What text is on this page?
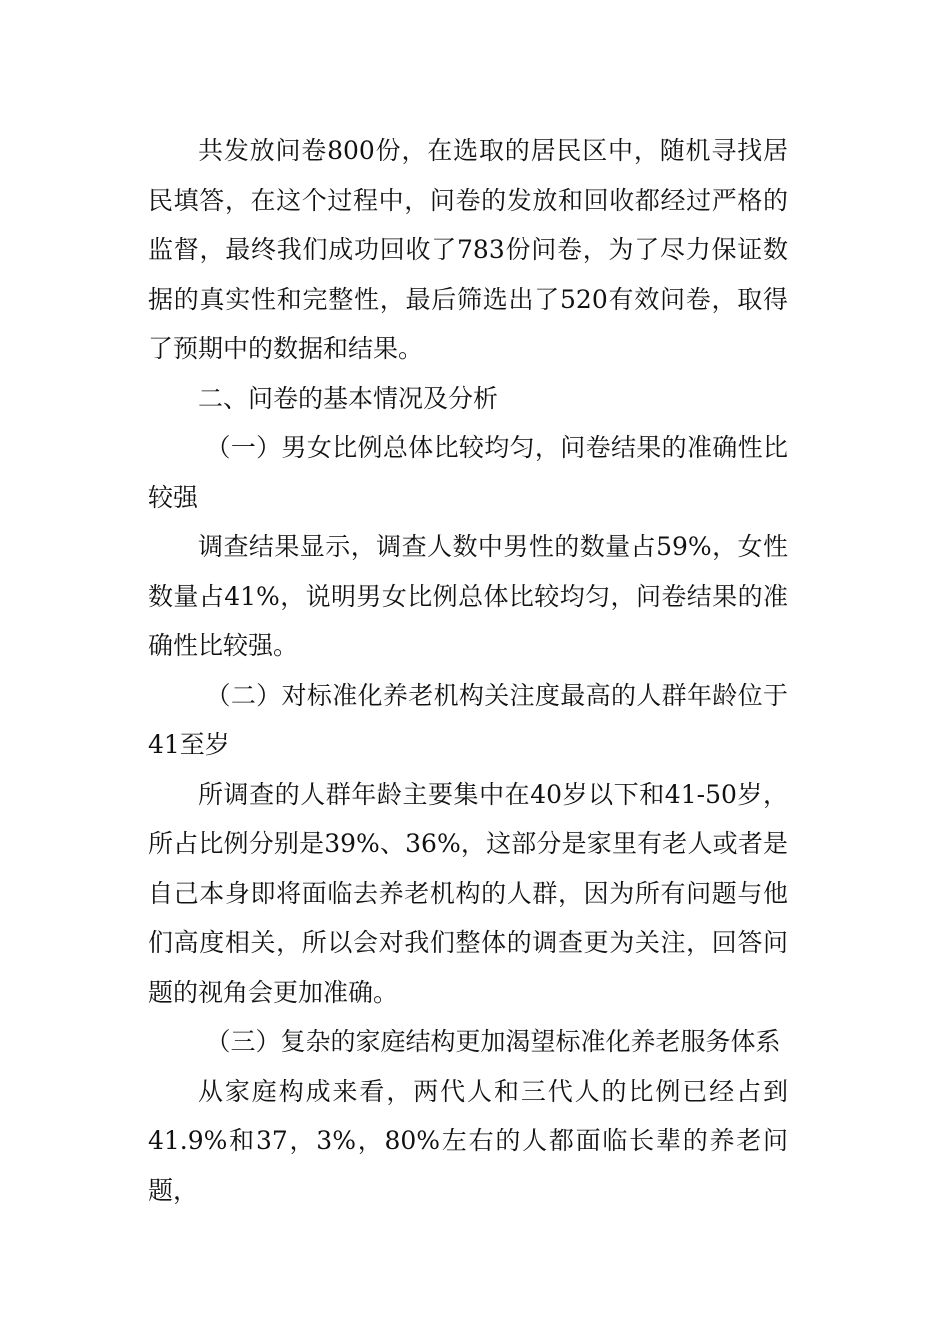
共发放问卷800份，在选取的居民区中，随机寻找居民填答，在这个过程中，问卷的发放和回收都经过严格的监督，最终我们成功回收了783份问卷，为了尽力保证数据的真实性和完整性，最后筛选出了520有效问卷，取得了预期中的数据和结果。

二、问卷的基本情况及分析

（一）男女比例总体比较均匀，问卷结果的准确性比较强

调查结果显示，调查人数中男性的数量占59%，女性数量占41%，说明男女比例总体比较均匀，问卷结果的准确性比较强。

（二）对标准化养老机构关注度最高的人群年龄位于41至岁

所调查的人群年龄主要集中在40岁以下和41-50岁，所占比例分别是39%、36%，这部分是家里有老人或者是自己本身即将面临去养老机构的人群，因为所有问题与他们高度相关，所以会对我们整体的调查更为关注，回答问题的视角会更加准确。

（三）复杂的家庭结构更加渴望标准化养老服务体系

从家庭构成来看，两代人和三代人的比例已经占到41.9%和37，3%，80%左右的人都面临长辈的养老问题，
